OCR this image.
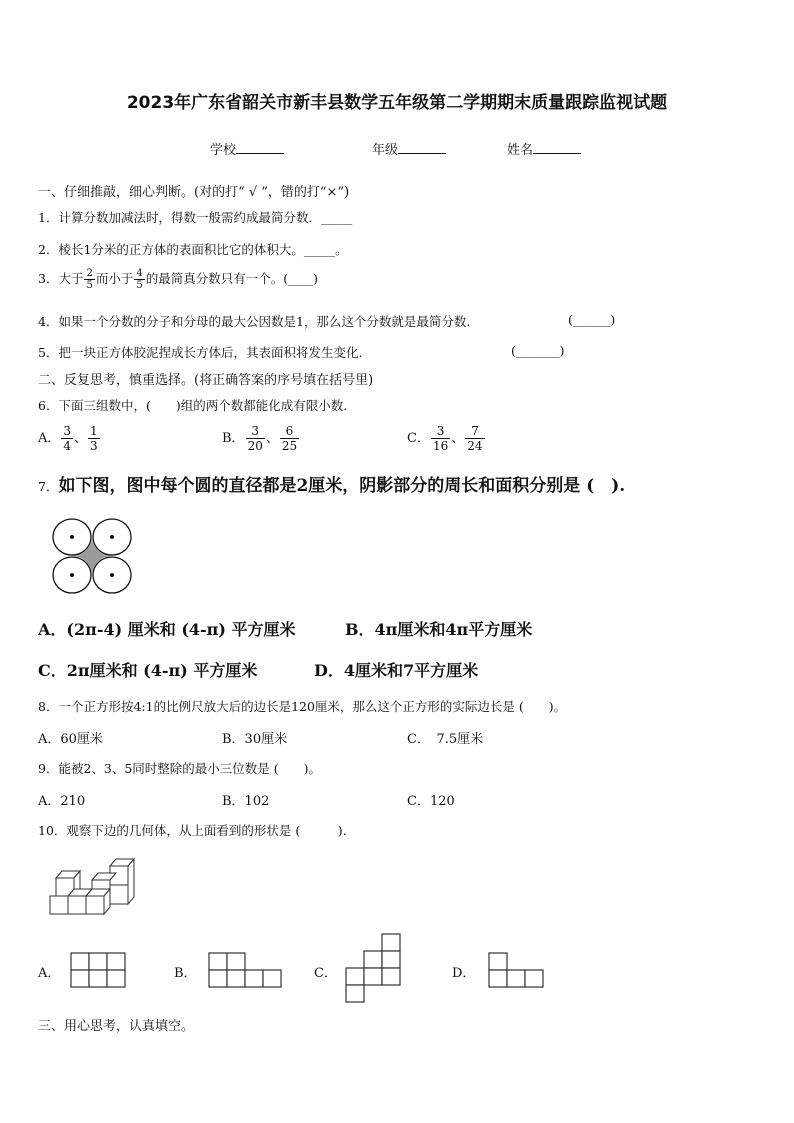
2023年广东省韶关市新丰县数学五年级第二学期期末质量跟踪监视试题
学校	年级	姓名
一、仔细推敲，细心判断。(对的打“ √ ”，错的打“×”)
1．计算分数加减法时，得数一般需约成最简分数．_____
2．棱长1分米的正方体的表面积比它的体积大。_____。
3．大于 $\frac{2}{5}$ 而小于 $\frac{4}{5}$ 的最简真分数只有一个。(____)
4．如果一个分数的分子和分母的最大公因数是1，那么这个分数就是最简分数.	(______)
5．把一块正方体胶泥捏成长方体后，其表面积将发生变化.	(_______)
二、反复思考，慎重选择。(将正确答案的序号填在括号里)
6．下面三组数中，(　　)组的两个数都能化成有限小数.
A． $\frac{3}{4}$ 、 $\frac{1}{3}$	B． $\frac{3}{20}$ 、 $\frac{6}{25}$	C． $\frac{3}{16}$ 、 $\frac{7}{24}$
7．如下图，图中每个圆的直径都是2厘米，阴影部分的周长和面积分别是 (　).
A．(2π-4) 厘米和 (4-π) 平方厘米	B．4π厘米和4π平方厘米
C．2π厘米和 (4-π) 平方厘米	D．4厘米和7平方厘米
8．一个正方形按4:1的比例尺放大后的边长是120厘米，那么这个正方形的实际边长是 (　　)。
A．60厘米	B．30厘米	C．　7.5厘米
9．能被2、3、5同时整除的最小三位数是 (　　)。
A．210	B．102	C．120
10．观察下边的几何体，从上面看到的形状是 (　　　).
A．	B．	C．	D．
三、用心思考，认真填空。
